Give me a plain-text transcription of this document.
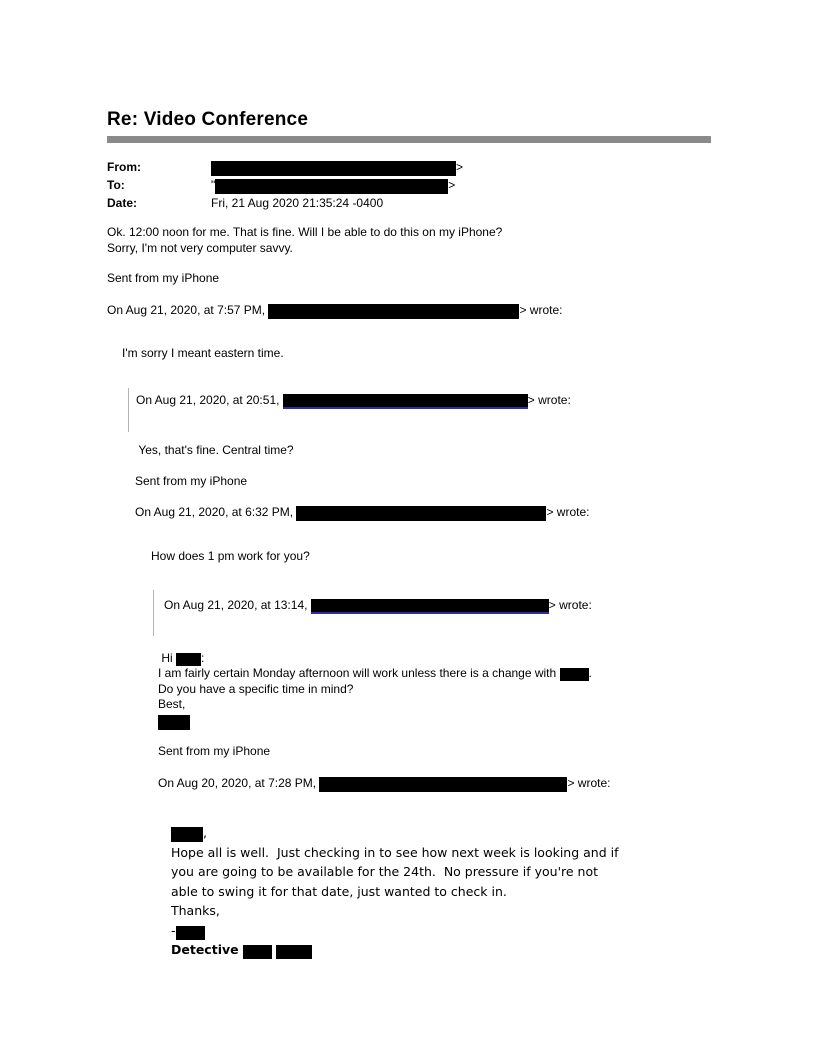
Re: Video Conference
From:	>
To:	"	>
Date:	Fri, 21 Aug 2020 21:35:24 -0400
Ok. 12:00 noon for me. That is fine. Will I be able to do this on my iPhone?
Sorry, I'm not very computer savvy.
Sent from my iPhone
On Aug 21, 2020, at 7:57 PM,	> wrote:
I'm sorry I meant eastern time.
On Aug 21, 2020, at 20:51,	> wrote:
Yes, that's fine. Central time?
Sent from my iPhone
On Aug 21, 2020, at 6:32 PM,	> wrote:
How does 1 pm work for you?
On Aug 21, 2020, at 13:14,	> wrote:
Hi :
I am fairly certain Monday afternoon will work unless there is a change with .
Do you have a specific time in mind?
Best,
Sent from my iPhone
On Aug 20, 2020, at 7:28 PM,	> wrote:
,
Hope all is well.  Just checking in to see how next week is looking and if
you are going to be available for the 24th.  No pressure if you're not
able to swing it for that date, just wanted to check in.
Thanks,
-
Detective
